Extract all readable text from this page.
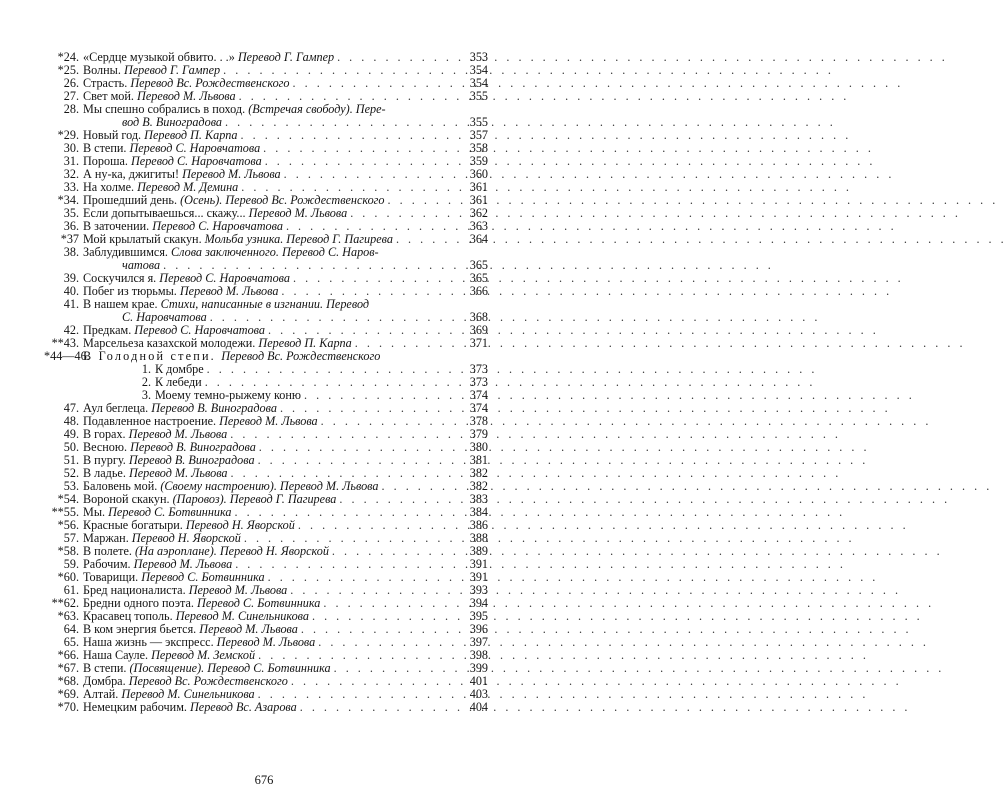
*24. «Сердце музыкой обвито. . .» Перевод Г. Гампер . . .	353
*25. Волны. Перевод Г. Гампер . . .	354
26. Страсть. Перевод Вс. Рождественского . . .	354
27. Свет мой. Перевод М. Львова . . .	355
28. Мы спешно собрались в поход. (Встречая свободу). Пере-
вод В. Виноградова . . .	355
*29. Новый год. Перевод П. Карпа . . .	357
30. В степи. Перевод С. Наровчатова . . .	358
31. Пороша. Перевод С. Наровчатова . . .	359
32. А ну-ка, джигиты! Перевод М. Львова . . .	360
33. На холме. Перевод М. Демина . . .	361
*34. Прошедший день. (Осень). Перевод Вс. Рождественского . . .	361
35. Если допытываешься... скажу... Перевод М. Львова . . .	362
36. В заточении. Перевод С. Наровчатова . . .	363
*37 Мой крылатый скакун. Мольба узника. Перевод Г. Пагирева . . .	364
38. Заблудившимся. Слова заключенного. Перевод С. Наров-
чатова . . .	365
39. Соскучился я. Перевод С. Наровчатова . . .	365
40. Побег из тюрьмы. Перевод М. Львова . . .	366
41. В нашем крае. Стихи, написанные в изгнании. Перевод
С. Наровчатова . . .	368
42. Предкам. Перевод С. Наровчатова . . .	369
**43. Марсельеза казахской молодежи. Перевод П. Карпа . . .	371
*44—46.
В Голодной степи. Перевод Вс. Рождественского
1. К домбре . . .	373
2. К лебеди . . .	373
3. Моему темно-рыжему коню . . .	374
47. Аул беглеца. Перевод В. Виноградова . . .	374
48. Подавленное настроение. Перевод М. Львова . . .	378
49. В горах. Перевод М. Львова . . .	379
50. Весною. Перевод В. Виноградова . . .	380
51. В пургу. Перевод В. Виноградова . . .	381
52. В ладье. Перевод М. Львова . . .	382
53. Баловень мой. (Своему настроению). Перевод М. Львова . . .	382
*54. Вороной скакун. (Паровоз). Перевод Г. Пагирева . . .	383
**55. Мы. Перевод С. Ботвинника . . .	384
*56. Красные богатыри. Перевод Н. Яворской . . .	386
57. Маржан. Перевод Н. Яворской . . .	388
*58. В полете. (На аэроплане). Перевод Н. Яворской . . .	389
59. Рабочим. Перевод М. Львова . . .	391
*60. Товарищи. Перевод С. Ботвинника . . .	391
61. Бред националиста. Перевод М. Львова . . .	393
**62. Бредни одного поэта. Перевод С. Ботвинника . . .	394
*63. Красавец тополь. Перевод М. Синельникова . . .	395
64. В ком энергия бьется. Перевод М. Львова . . .	396
65. Наша жизнь — экспресс. Перевод М. Львова . . .	397
*66. Наша Сауле. Перевод М. Земской . . .	398
*67. В степи. (Посвящение). Перевод С. Ботвинника . . .	399
*68. Домбра. Перевод Вс. Рождественского . . .	401
*69. Алтай. Перевод М. Синельникова . . .	403
*70. Немецким рабочим. Перевод Вс. Азарова . . .	404
676
